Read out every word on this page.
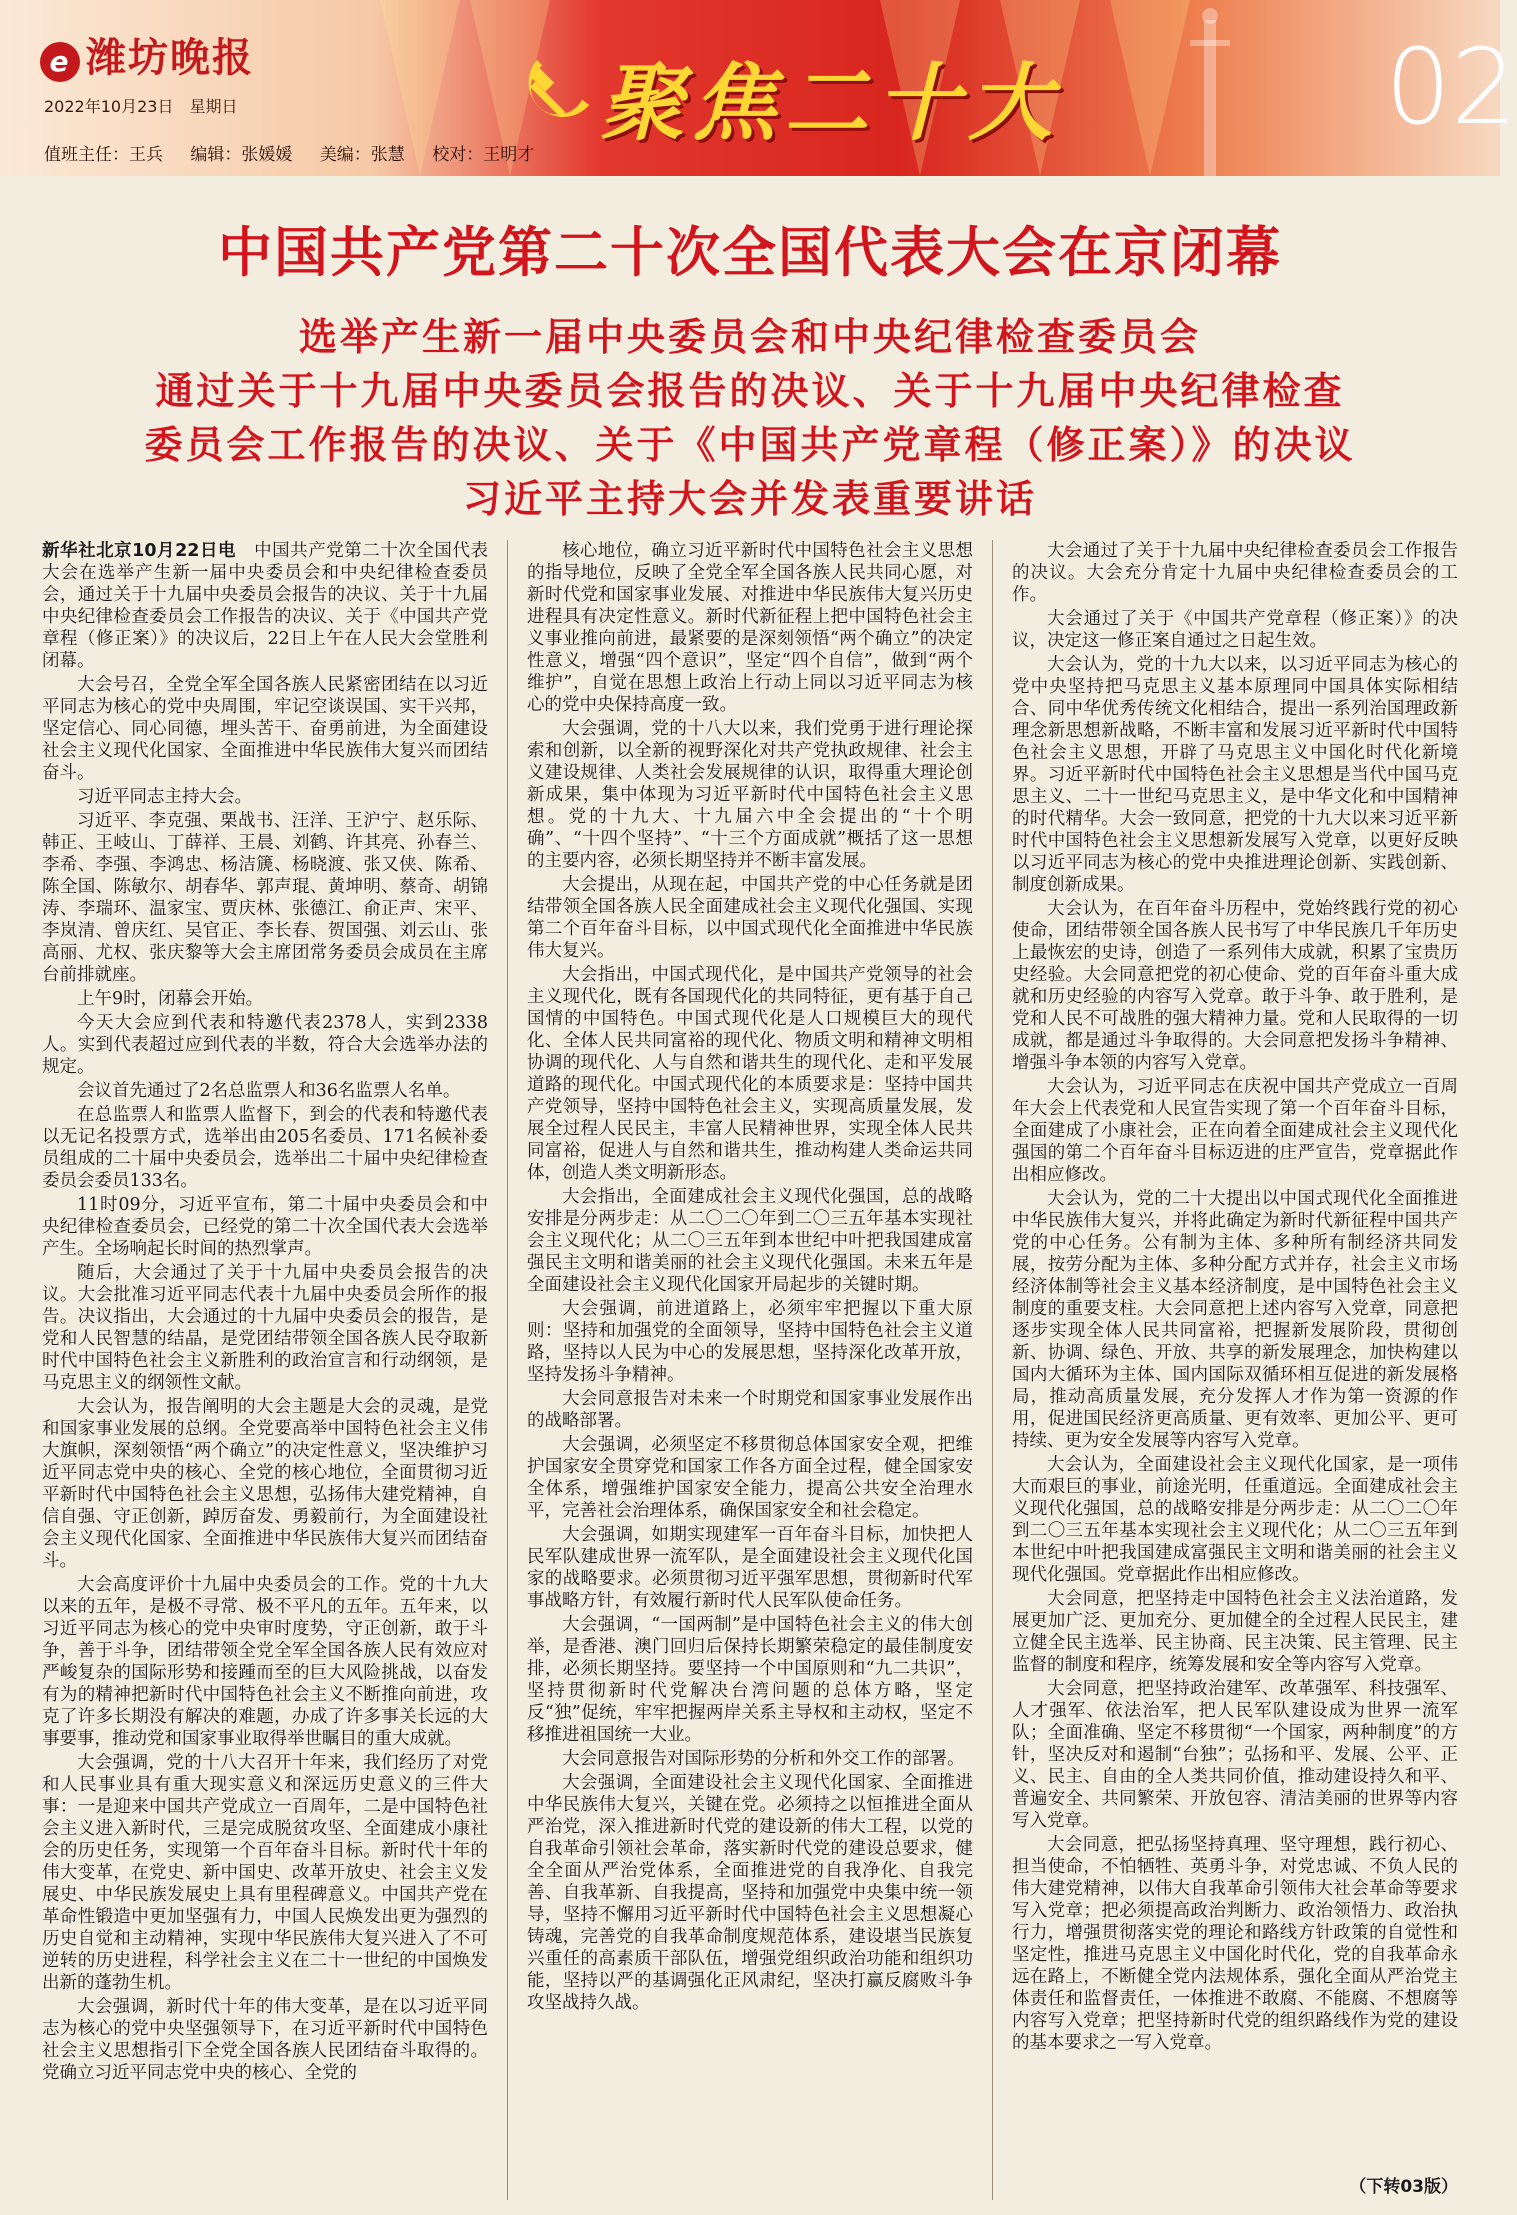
e 潍坊晚报
2022年10月23日　星期日
值班主任：王兵 编辑：张媛媛 美编：张慧 校对：王明才
聚焦二十大	02
中国共产党第二十次全国代表大会在京闭幕
选举产生新一届中央委员会和中央纪律检查委员会
通过关于十九届中央委员会报告的决议、关于十九届中央纪律检查
委员会工作报告的决议、关于《中国共产党章程（修正案）》的决议
习近平主持大会并发表重要讲话

新华社北京10月22日电　 中国共产党第二十次全国代表大会在选举产生新一届中央委员会和中央纪律检查委员会，通过关于十九届中央委员会报告的决议、关于十九届中央纪律检查委员会工作报告的决议、关于《中国共产党章程（修正案）》的决议后，22日上午在人民大会堂胜利闭幕。

大会号召，全党全军全国各族人民紧密团结在以习近平同志为核心的党中央周围，牢记空谈误国、实干兴邦，坚定信心、同心同德，埋头苦干、奋勇前进，为全面建设社会主义现代化国家、全面推进中华民族伟大复兴而团结奋斗。

习近平同志主持大会。

习近平、李克强、栗战书、汪洋、王沪宁、赵乐际、韩正、王岐山、丁薛祥、王晨、刘鹤、许其亮、孙春兰、李希、李强、李鸿忠、杨洁篪、杨晓渡、张又侠、陈希、陈全国、陈敏尔、胡春华、郭声琨、黄坤明、蔡奇、胡锦涛、李瑞环、温家宝、贾庆林、张德江、俞正声、宋平、李岚清、曾庆红、吴官正、李长春、贺国强、刘云山、张高丽、尤权、张庆黎等大会主席团常务委员会成员在主席台前排就座。

上午9时，闭幕会开始。

今天大会应到代表和特邀代表2378人，实到2338人。实到代表超过应到代表的半数，符合大会选举办法的规定。

会议首先通过了2名总监票人和36名监票人名单。

在总监票人和监票人监督下，到会的代表和特邀代表以无记名投票方式，选举出由205名委员、171名候补委员组成的二十届中央委员会，选举出二十届中央纪律检查委员会委员133名。

11时09分，习近平宣布，第二十届中央委员会和中央纪律检查委员会，已经党的第二十次全国代表大会选举产生。全场响起长时间的热烈掌声。

随后，大会通过了关于十九届中央委员会报告的决议。大会批准习近平同志代表十九届中央委员会所作的报告。决议指出，大会通过的十九届中央委员会的报告，是党和人民智慧的结晶，是党团结带领全国各族人民夺取新时代中国特色社会主义新胜利的政治宣言和行动纲领，是马克思主义的纲领性文献。

大会认为，报告阐明的大会主题是大会的灵魂，是党和国家事业发展的总纲。全党要高举中国特色社会主义伟大旗帜，深刻领悟“两个确立”的决定性意义，坚决维护习近平同志党中央的核心、全党的核心地位，全面贯彻习近平新时代中国特色社会主义思想，弘扬伟大建党精神，自信自强、守正创新，踔厉奋发、勇毅前行，为全面建设社会主义现代化国家、全面推进中华民族伟大复兴而团结奋斗。

大会高度评价十九届中央委员会的工作。党的十九大以来的五年，是极不寻常、极不平凡的五年。五年来，以习近平同志为核心的党中央审时度势，守正创新，敢于斗争，善于斗争，团结带领全党全军全国各族人民有效应对严峻复杂的国际形势和接踵而至的巨大风险挑战，以奋发有为的精神把新时代中国特色社会主义不断推向前进，攻克了许多长期没有解决的难题，办成了许多事关长远的大事要事，推动党和国家事业取得举世瞩目的重大成就。

大会强调，党的十八大召开十年来，我们经历了对党和人民事业具有重大现实意义和深远历史意义的三件大事：一是迎来中国共产党成立一百周年，二是中国特色社会主义进入新时代，三是完成脱贫攻坚、全面建成小康社会的历史任务，实现第一个百年奋斗目标。新时代十年的伟大变革，在党史、新中国史、改革开放史、社会主义发展史、中华民族发展史上具有里程碑意义。中国共产党在革命性锻造中更加坚强有力，中国人民焕发出更为强烈的历史自觉和主动精神，实现中华民族伟大复兴进入了不可逆转的历史进程，科学社会主义在二十一世纪的中国焕发出新的蓬勃生机。

大会强调，新时代十年的伟大变革，是在以习近平同志为核心的党中央坚强领导下，在习近平新时代中国特色社会主义思想指引下全党全国各族人民团结奋斗取得的。党确立习近平同志党中央的核心、全党的

核心地位，确立习近平新时代中国特色社会主义思想的指导地位，反映了全党全军全国各族人民共同心愿，对新时代党和国家事业发展、对推进中华民族伟大复兴历史进程具有决定性意义。新时代新征程上把中国特色社会主义事业推向前进，最紧要的是深刻领悟“两个确立”的决定性意义，增强“四个意识”，坚定“四个自信”，做到“两个维护”，自觉在思想上政治上行动上同以习近平同志为核心的党中央保持高度一致。

大会强调，党的十八大以来，我们党勇于进行理论探索和创新，以全新的视野深化对共产党执政规律、社会主义建设规律、人类社会发展规律的认识，取得重大理论创新成果，集中体现为习近平新时代中国特色社会主义思想。党的十九大、十九届六中全会提出的“十个明确”、“十四个坚持”、“十三个方面成就”概括了这一思想的主要内容，必须长期坚持并不断丰富发展。

大会提出，从现在起，中国共产党的中心任务就是团结带领全国各族人民全面建成社会主义现代化强国、实现第二个百年奋斗目标，以中国式现代化全面推进中华民族伟大复兴。

大会指出，中国式现代化，是中国共产党领导的社会主义现代化，既有各国现代化的共同特征，更有基于自己国情的中国特色。中国式现代化是人口规模巨大的现代化、全体人民共同富裕的现代化、物质文明和精神文明相协调的现代化、人与自然和谐共生的现代化、走和平发展道路的现代化。中国式现代化的本质要求是：坚持中国共产党领导，坚持中国特色社会主义，实现高质量发展，发展全过程人民民主，丰富人民精神世界，实现全体人民共同富裕，促进人与自然和谐共生，推动构建人类命运共同体，创造人类文明新形态。

大会指出，全面建成社会主义现代化强国，总的战略安排是分两步走：从二〇二〇年到二〇三五年基本实现社会主义现代化；从二〇三五年到本世纪中叶把我国建成富强民主文明和谐美丽的社会主义现代化强国。未来五年是全面建设社会主义现代化国家开局起步的关键时期。

大会强调，前进道路上，必须牢牢把握以下重大原则：坚持和加强党的全面领导，坚持中国特色社会主义道路，坚持以人民为中心的发展思想，坚持深化改革开放，坚持发扬斗争精神。

大会同意报告对未来一个时期党和国家事业发展作出的战略部署。

大会强调，必须坚定不移贯彻总体国家安全观，把维护国家安全贯穿党和国家工作各方面全过程，健全国家安全体系，增强维护国家安全能力，提高公共安全治理水平，完善社会治理体系，确保国家安全和社会稳定。

大会强调，如期实现建军一百年奋斗目标，加快把人民军队建成世界一流军队，是全面建设社会主义现代化国家的战略要求。必须贯彻习近平强军思想，贯彻新时代军事战略方针，有效履行新时代人民军队使命任务。

大会强调，“一国两制”是中国特色社会主义的伟大创举，是香港、澳门回归后保持长期繁荣稳定的最佳制度安排，必须长期坚持。要坚持一个中国原则和“九二共识”，坚持贯彻新时代党解决台湾问题的总体方略，坚定反“独”促统，牢牢把握两岸关系主导权和主动权，坚定不移推进祖国统一大业。

大会同意报告对国际形势的分析和外交工作的部署。

大会强调，全面建设社会主义现代化国家、全面推进中华民族伟大复兴，关键在党。必须持之以恒推进全面从严治党，深入推进新时代党的建设新的伟大工程，以党的自我革命引领社会革命，落实新时代党的建设总要求，健全全面从严治党体系，全面推进党的自我净化、自我完善、自我革新、自我提高，坚持和加强党中央集中统一领导，坚持不懈用习近平新时代中国特色社会主义思想凝心铸魂，完善党的自我革命制度规范体系，建设堪当民族复兴重任的高素质干部队伍，增强党组织政治功能和组织功能，坚持以严的基调强化正风肃纪，坚决打赢反腐败斗争攻坚战持久战。

大会通过了关于十九届中央纪律检查委员会工作报告的决议。大会充分肯定十九届中央纪律检查委员会的工作。

大会通过了关于《中国共产党章程（修正案）》的决议，决定这一修正案自通过之日起生效。

大会认为，党的十九大以来，以习近平同志为核心的党中央坚持把马克思主义基本原理同中国具体实际相结合、同中华优秀传统文化相结合，提出一系列治国理政新理念新思想新战略，不断丰富和发展习近平新时代中国特色社会主义思想，开辟了马克思主义中国化时代化新境界。习近平新时代中国特色社会主义思想是当代中国马克思主义、二十一世纪马克思主义，是中华文化和中国精神的时代精华。大会一致同意，把党的十九大以来习近平新时代中国特色社会主义思想新发展写入党章，以更好反映以习近平同志为核心的党中央推进理论创新、实践创新、制度创新成果。

大会认为，在百年奋斗历程中，党始终践行党的初心使命，团结带领全国各族人民书写了中华民族几千年历史上最恢宏的史诗，创造了一系列伟大成就，积累了宝贵历史经验。大会同意把党的初心使命、党的百年奋斗重大成就和历史经验的内容写入党章。敢于斗争、敢于胜利，是党和人民不可战胜的强大精神力量。党和人民取得的一切成就，都是通过斗争取得的。大会同意把发扬斗争精神、增强斗争本领的内容写入党章。

大会认为，习近平同志在庆祝中国共产党成立一百周年大会上代表党和人民宣告实现了第一个百年奋斗目标，全面建成了小康社会，正在向着全面建成社会主义现代化强国的第二个百年奋斗目标迈进的庄严宣告，党章据此作出相应修改。

大会认为，党的二十大提出以中国式现代化全面推进中华民族伟大复兴，并将此确定为新时代新征程中国共产党的中心任务。公有制为主体、多种所有制经济共同发展，按劳分配为主体、多种分配方式并存，社会主义市场经济体制等社会主义基本经济制度，是中国特色社会主义制度的重要支柱。大会同意把上述内容写入党章，同意把逐步实现全体人民共同富裕，把握新发展阶段，贯彻创新、协调、绿色、开放、共享的新发展理念，加快构建以国内大循环为主体、国内国际双循环相互促进的新发展格局，推动高质量发展，充分发挥人才作为第一资源的作用，促进国民经济更高质量、更有效率、更加公平、更可持续、更为安全发展等内容写入党章。

大会认为，全面建设社会主义现代化国家，是一项伟大而艰巨的事业，前途光明，任重道远。全面建成社会主义现代化强国，总的战略安排是分两步走：从二〇二〇年到二〇三五年基本实现社会主义现代化；从二〇三五年到本世纪中叶把我国建成富强民主文明和谐美丽的社会主义现代化强国。党章据此作出相应修改。

大会同意，把坚持走中国特色社会主义法治道路，发展更加广泛、更加充分、更加健全的全过程人民民主，建立健全民主选举、民主协商、民主决策、民主管理、民主监督的制度和程序，统筹发展和安全等内容写入党章。

大会同意，把坚持政治建军、改革强军、科技强军、人才强军、依法治军，把人民军队建设成为世界一流军队；全面准确、坚定不移贯彻“一个国家，两种制度”的方针，坚决反对和遏制“台独”；弘扬和平、发展、公平、正义、民主、自由的全人类共同价值，推动建设持久和平、普遍安全、共同繁荣、开放包容、清洁美丽的世界等内容写入党章。

大会同意，把弘扬坚持真理、坚守理想，践行初心、担当使命，不怕牺牲、英勇斗争，对党忠诚、不负人民的伟大建党精神，以伟大自我革命引领伟大社会革命等要求写入党章；把必须提高政治判断力、政治领悟力、政治执行力，增强贯彻落实党的理论和路线方针政策的自觉性和坚定性，推进马克思主义中国化时代化，党的自我革命永远在路上，不断健全党内法规体系，强化全面从严治党主体责任和监督责任，一体推进不敢腐、不能腐、不想腐等内容写入党章；把坚持新时代党的组织路线作为党的建设的基本要求之一写入党章。

（下转03版）
